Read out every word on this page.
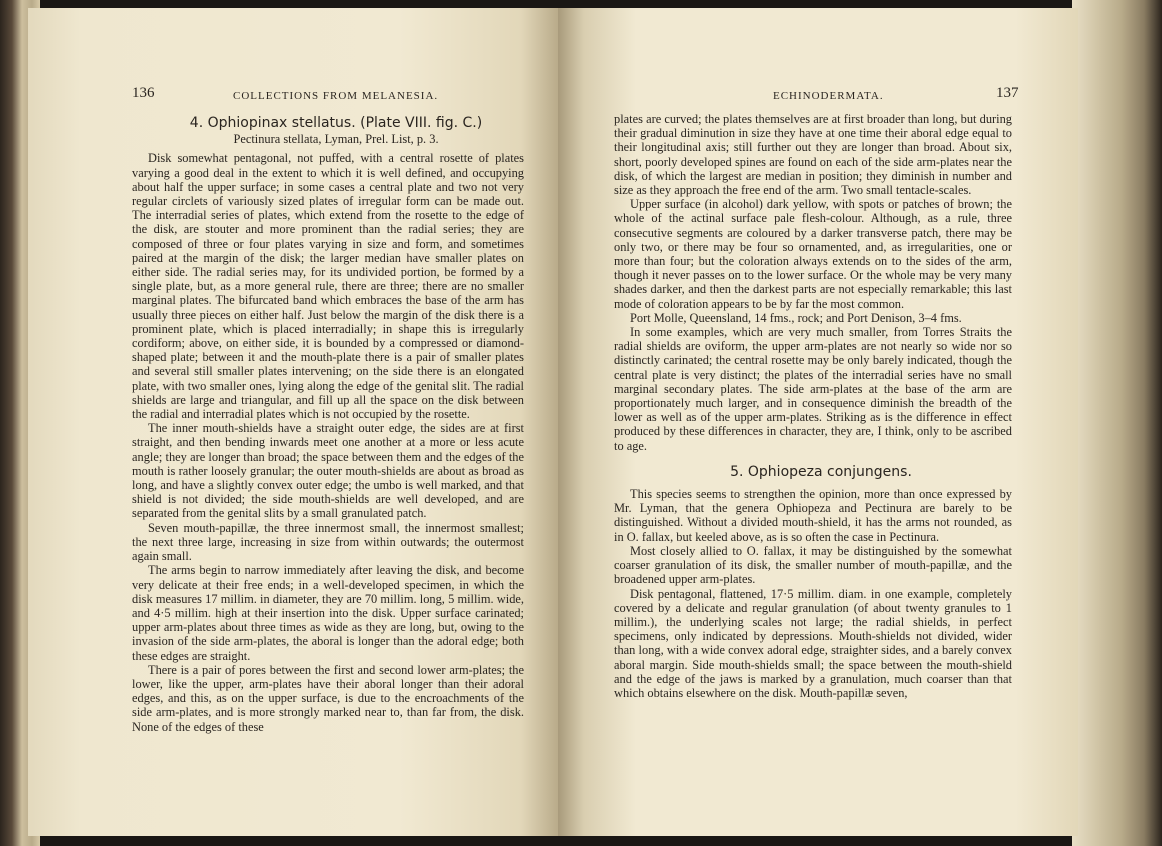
136	COLLECTIONS FROM MELANESIA.

4. Ophiopinax stellatus. (Plate VIII. fig. C.)

Pectinura stellata, Lyman, Prel. List, p. 3.

Disk somewhat pentagonal, not puffed, with a central rosette of plates varying a good deal in the extent to which it is well defined, and occupying about half the upper surface; in some cases a central plate and two not very regular circlets of variously sized plates of irregular form can be made out. The interradial series of plates, which extend from the rosette to the edge of the disk, are stouter and more prominent than the radial series; they are composed of three or four plates varying in size and form, and sometimes paired at the margin of the disk; the larger median have smaller plates on either side. The radial series may, for its undivided portion, be formed by a single plate, but, as a more general rule, there are three; there are no smaller marginal plates. The bifurcated band which embraces the base of the arm has usually three pieces on either half. Just below the margin of the disk there is a prominent plate, which is placed interradially; in shape this is irregularly cordiform; above, on either side, it is bounded by a compressed or diamond-shaped plate; between it and the mouth-plate there is a pair of smaller plates and several still smaller plates intervening; on the side there is an elongated plate, with two smaller ones, lying along the edge of the genital slit. The radial shields are large and triangular, and fill up all the space on the disk between the radial and interradial plates which is not occupied by the rosette.

The inner mouth-shields have a straight outer edge, the sides are at first straight, and then bending inwards meet one another at a more or less acute angle; they are longer than broad; the space between them and the edges of the mouth is rather loosely granular; the outer mouth-shields are about as broad as long, and have a slightly convex outer edge; the umbo is well marked, and that shield is not divided; the side mouth-shields are well developed, and are separated from the genital slits by a small granulated patch.

Seven mouth-papillæ, the three innermost small, the innermost smallest; the next three large, increasing in size from within outwards; the outermost again small.

The arms begin to narrow immediately after leaving the disk, and become very delicate at their free ends; in a well-developed specimen, in which the disk measures 17 millim. in diameter, they are 70 millim. long, 5 millim. wide, and 4·5 millim. high at their insertion into the disk. Upper surface carinated; upper arm-plates about three times as wide as they are long, but, owing to the invasion of the side arm-plates, the aboral is longer than the adoral edge; both these edges are straight.

There is a pair of pores between the first and second lower arm-plates; the lower, like the upper, arm-plates have their aboral longer than their adoral edges, and this, as on the upper surface, is due to the encroachments of the side arm-plates, and is more strongly marked near to, than far from, the disk. None of the edges of these

ECHINODERMATA.	137

plates are curved; the plates themselves are at first broader than long, but during their gradual diminution in size they have at one time their aboral edge equal to their longitudinal axis; still further out they are longer than broad. About six, short, poorly developed spines are found on each of the side arm-plates near the disk, of which the largest are median in position; they diminish in number and size as they approach the free end of the arm. Two small tentacle-scales.

Upper surface (in alcohol) dark yellow, with spots or patches of brown; the whole of the actinal surface pale flesh-colour. Although, as a rule, three consecutive segments are coloured by a darker transverse patch, there may be only two, or there may be four so ornamented, and, as irregularities, one or more than four; but the coloration always extends on to the sides of the arm, though it never passes on to the lower surface. Or the whole may be very many shades darker, and then the darkest parts are not especially remarkable; this last mode of coloration appears to be by far the most common.

Port Molle, Queensland, 14 fms., rock; and Port Denison, 3–4 fms.

In some examples, which are very much smaller, from Torres Straits the radial shields are oviform, the upper arm-plates are not nearly so wide nor so distinctly carinated; the central rosette may be only barely indicated, though the central plate is very distinct; the plates of the interradial series have no small marginal secondary plates. The side arm-plates at the base of the arm are proportionately much larger, and in consequence diminish the breadth of the lower as well as of the upper arm-plates. Striking as is the difference in effect produced by these differences in character, they are, I think, only to be ascribed to age.

5. Ophiopeza conjungens.

This species seems to strengthen the opinion, more than once expressed by Mr. Lyman, that the genera Ophiopeza and Pectinura are barely to be distinguished. Without a divided mouth-shield, it has the arms not rounded, as in O. fallax, but keeled above, as is so often the case in Pectinura.

Most closely allied to O. fallax, it may be distinguished by the somewhat coarser granulation of its disk, the smaller number of mouth-papillæ, and the broadened upper arm-plates.

Disk pentagonal, flattened, 17·5 millim. diam. in one example, completely covered by a delicate and regular granulation (of about twenty granules to 1 millim.), the underlying scales not large; the radial shields, in perfect specimens, only indicated by depressions. Mouth-shields not divided, wider than long, with a wide convex adoral edge, straighter sides, and a barely convex aboral margin. Side mouth-shields small; the space between the mouth-shield and the edge of the jaws is marked by a granulation, much coarser than that which obtains elsewhere on the disk. Mouth-papillæ seven,
